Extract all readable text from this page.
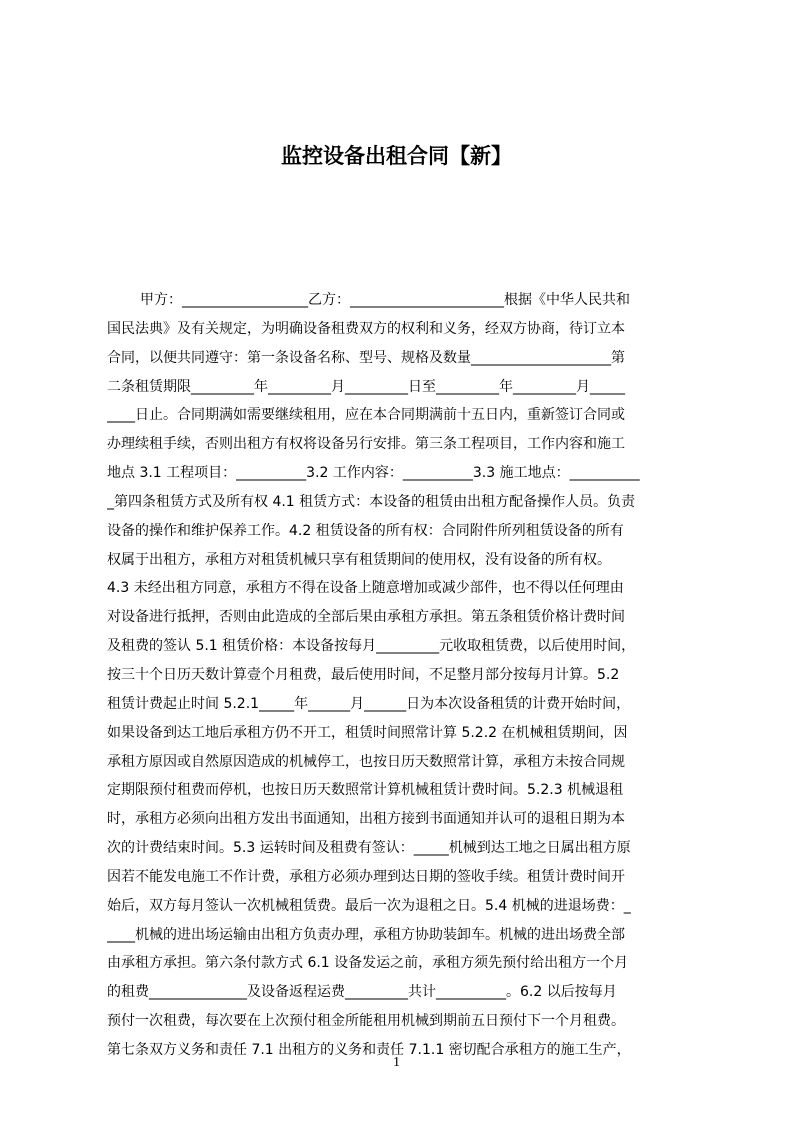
监控设备出租合同【新】
甲方：__________________乙方：______________________根据《中华人民共和
国民法典》及有关规定，为明确设备租费双方的权利和义务，经双方协商，待订立本
合同，以便共同遵守：第一条设备名称、型号、规格及数量____________________第
二条租赁期限_________年_________月_________日至_________年_________月_____
____日止。合同期满如需要继续租用，应在本合同期满前十五日内，重新签订合同或
办理续租手续，否则出租方有权将设备另行安排。第三条工程项目，工作内容和施工
地点 3.1 工程项目：__________3.2 工作内容：__________3.3 施工地点：__________
_第四条租赁方式及所有权 4.1 租赁方式：本设备的租赁由出租方配备操作人员。负责
设备的操作和维护保养工作。4.2 租赁设备的所有权：合同附件所列租赁设备的所有
权属于出租方，承租方对租赁机械只享有租赁期间的使用权，没有设备的所有权。
4.3 未经出租方同意，承租方不得在设备上随意增加或减少部件，也不得以任何理由
对设备进行抵押，否则由此造成的全部后果由承租方承担。第五条租赁价格计费时间
及租费的签认 5.1 租赁价格：本设备按每月_________元收取租赁费，以后使用时间，
按三十个日历天数计算壹个月租费，最后使用时间，不足整月部分按每月计算。5.2
租赁计费起止时间 5.2.1_____年______月______日为本次设备租赁的计费开始时间，
如果设备到达工地后承租方仍不开工，租赁时间照常计算 5.2.2 在机械租赁期间，因
承租方原因或自然原因造成的机械停工，也按日历天数照常计算，承租方未按合同规
定期限预付租费而停机，也按日历天数照常计算机械租赁计费时间。5.2.3 机械退租
时，承租方必须向出租方发出书面通知，出租方接到书面通知并认可的退租日期为本
次的计费结束时间。5.3 运转时间及租费有签认：_____机械到达工地之日属出租方原
因若不能发电施工不作计费，承租方必须办理到达日期的签收手续。租赁计费时间开
始后，双方每月签认一次机械租赁费。最后一次为退租之日。5.4 机械的进退场费：_
____机械的进出场运输由出租方负责办理，承租方协助装卸车。机械的进出场费全部
由承租方承担。第六条付款方式 6.1 设备发运之前，承租方须先预付给出租方一个月
的租费______________及设备返程运费_________共计__________。6.2 以后按每月
预付一次租费，每次要在上次预付租金所能租用机械到期前五日预付下一个月租费。
第七条双方义务和责任 7.1 出租方的义务和责任 7.1.1 密切配合承租方的施工生产，
1
